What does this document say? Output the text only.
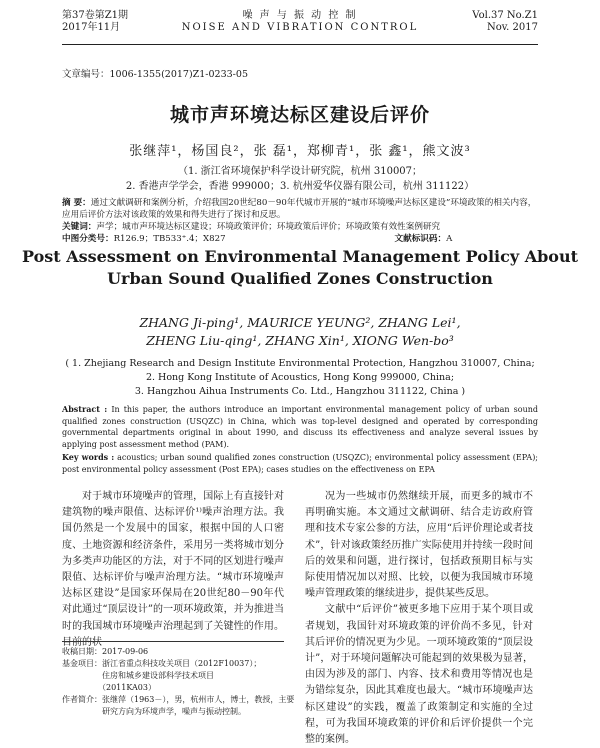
第37卷第Z1期
2017年11月
噪 声 与 振 动 控 制
NOISE AND VIBRATION CONTROL
Vol.37 No.Z1
Nov. 2017
文章编号：1006-1355(2017)Z1-0233-05
城市声环境达标区建设后评价
张继萍¹，杨国良²，张 磊¹，郑柳青¹，张 鑫¹，熊文波³
（1. 浙江省环境保护科学设计研究院，杭州 310007；
2. 香港声学学会，香港 999000；3. 杭州爱华仪器有限公司，杭州 311122）
摘 要：通过文献调研和案例分析，介绍我国20世纪80－90年代城市开展的“城市环境噪声达标区建设”环境政策的相关内容，应用后评价方法对该政策的效果和得失进行了探讨和反思。
关键词：声学；城市声环境达标区建设；环境政策评价；环境政策后评价；环境政策有效性案例研究
中图分类号：R126.9；TB533⁺.4；X827	文献标识码：A
Post Assessment on Environmental Management Policy About
Urban Sound Qualified Zones Construction
ZHANG Ji-ping¹, MAURICE YEUNG², ZHANG Lei¹,
ZHENG Liu-qing¹, ZHANG Xin¹, XIONG Wen-bo³
( 1. Zhejiang Research and Design Institute Environmental Protection, Hangzhou 310007, China;
2. Hong Kong Institute of Acoustics, Hong Kong 999000, China;
3. Hangzhou Aihua Instruments Co. Ltd., Hangzhou 311122, China )
Abstract : In this paper, the authors introduce an important environmental management policy of urban sound qualified zones construction (USQZC) in China, which was top-level designed and operated by corresponding governmental departments original in about 1990, and discuss its effectiveness and analyze several issues by applying post assessment method (PAM).
Key words : acoustics; urban sound qualified zones construction (USQZC); environmental policy assessment (EPA); post environmental policy assessment (Post EPA); cases studies on the effectiveness on EPA

对于城市环境噪声的管理，国际上有直接针对建筑物的噪声限值、达标评价¹⁾噪声治理方法。我国仍然是一个发展中的国家，根据中国的人口密度、土地资源和经济条件，采用另一类将城市划分为多类声功能区的方法，对于不同的区划进行噪声限值、达标评价与噪声治理方法。“城市环境噪声达标区建设”是国家环保局在20世纪80－90年代对此通过“顶层设计”的一项环境政策，并为推进当时的我国城市环境噪声治理起到了关键性的作用。目前的状

况为一些城市仍然继续开展，而更多的城市不再明确实施。本文通过文献调研、结合走访政府管理和技术专家公参的方法，应用“后评价理论或者技术”，针对该政策经历推广实际使用并持续一段时间后的效果和问题，进行探讨，包括政预期目标与实际使用情况加以对照、比较，以便为我国城市环境噪声管理政策的继续进步，提供某些反思。

文献中“后评价”被更多地下应用于某个项目或者规划，我国针对环境政策的评价尚不多见，针对其后评价的情况更为少见。一项环境政策的“顶层设计”，对于环境问题解决可能起到的效果极为显著，由因为涉及的部门、内容、技术和费用等情况也是为错综复杂，因此其难度也最大。“城市环境噪声达标区建设”的实践，覆盖了政策制定和实施的全过程，可为我国环境政策的评价和后评价提供一个完整的案例。

收稿日期：2017-09-06
基金项目：浙江省重点科技攻关项目（2012F10037）；
　　　　　住房和城乡建设部科学技术项目
　　　　　（2011KA03）
作者简介：张继萍（1963－），男，杭州市人，博士，教授，主要
　　　　　研究方向为环境声学，噪声与振动控制。
